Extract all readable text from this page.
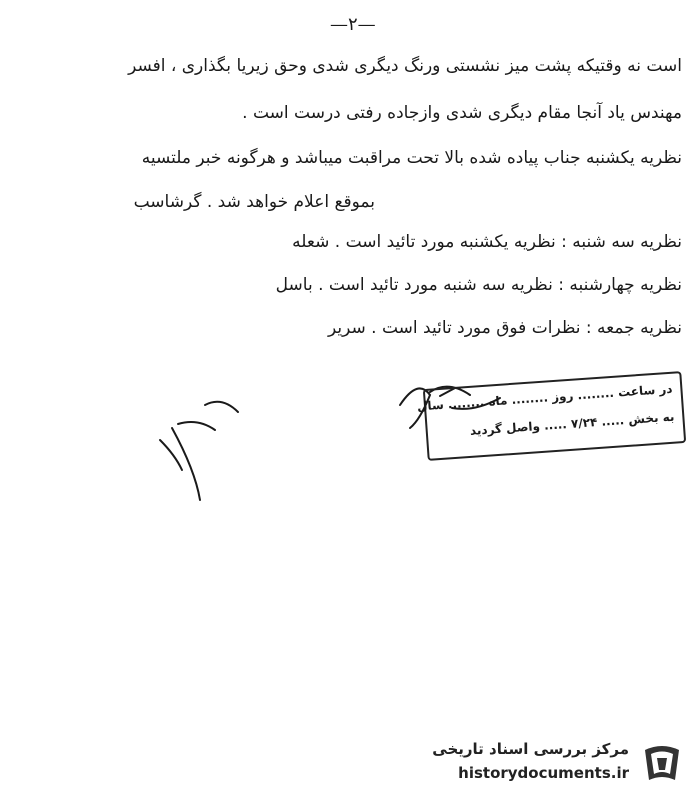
—٢—
است نه وقتیکه پشت میز نشستی ورنگ دیگری شدی وحق زیریا بگذاری ، افسر
مهندس یاد آنجا مقام دیگری شدی وازجاده رفتی درست است .
نظریه یکشنبه جناب پیاده شده بالا تحت مراقبت میباشد و هرگونه خبر ملتسیه
بموقع اعلام خواهد شد . گرشاسب
نظریه سه شنبه : نظریه یکشنبه مورد تائید است . شعله
نظریه چهارشنبه : نظریه سه شنبه مورد تائید است . باسل
نظریه جمعه : نظرات فوق مورد تائید است . سریر
در ساعت ........ روز ........ ماه ........ سال
به بخش ..... ۷/۲۴ ..... واصل گردید
مرکز بررسی اسناد تاریخی
historydocuments.ir
